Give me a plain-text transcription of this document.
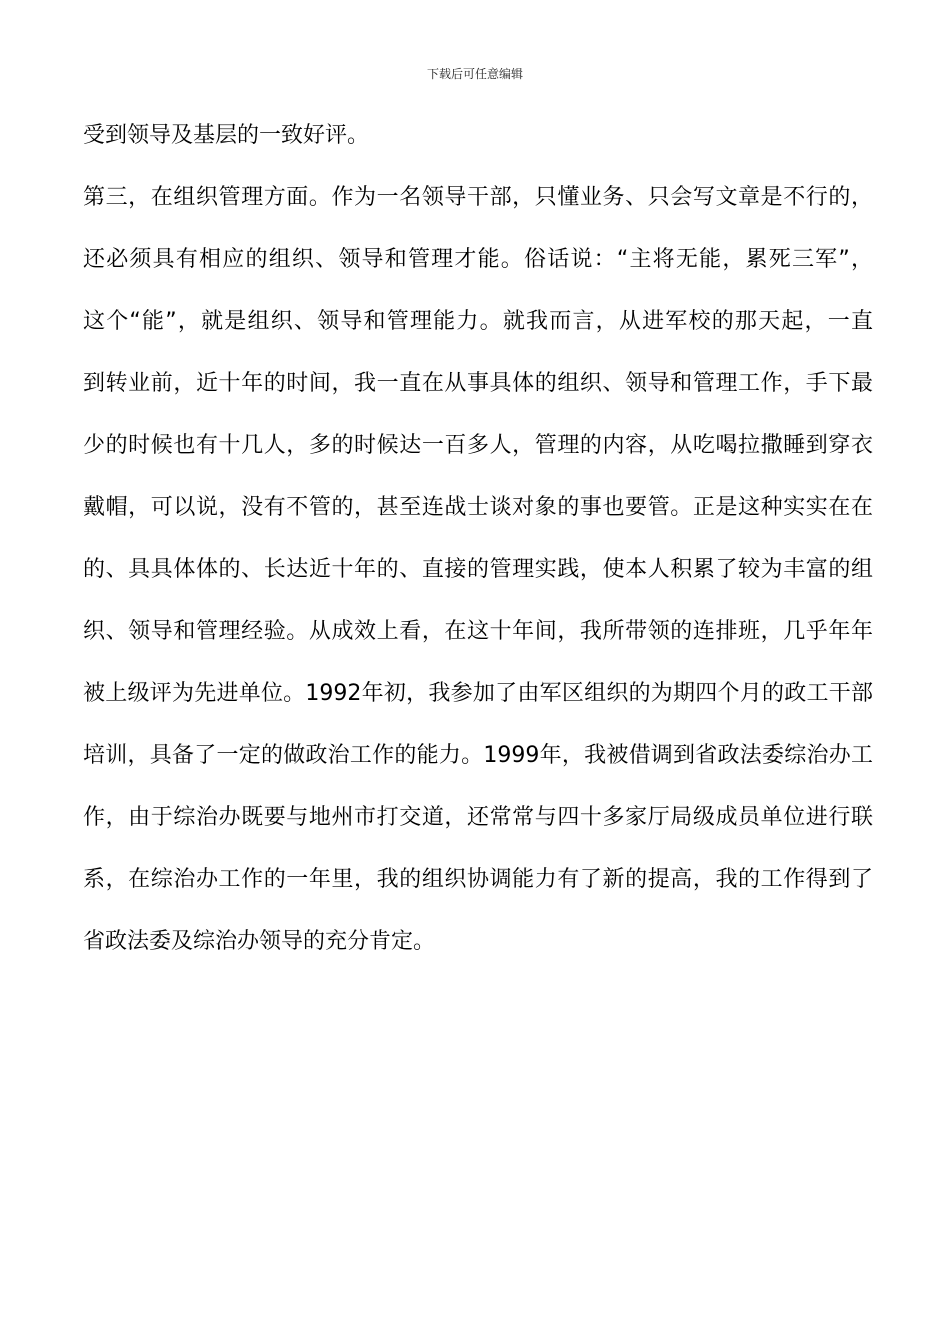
下载后可任意编辑
受到领导及基层的一致好评。
第三，在组织管理方面。作为一名领导干部，只懂业务、只会写文章是不行的，
还必须具有相应的组织、领导和管理才能。俗话说：“主将无能，累死三军”，
这个“能”，就是组织、领导和管理能力。就我而言，从进军校的那天起，一直
到转业前，近十年的时间，我一直在从事具体的组织、领导和管理工作，手下最
少的时候也有十几人，多的时候达一百多人，管理的内容，从吃喝拉撒睡到穿衣
戴帽，可以说，没有不管的，甚至连战士谈对象的事也要管。正是这种实实在在
的、具具体体的、长达近十年的、直接的管理实践，使本人积累了较为丰富的组
织、领导和管理经验。从成效上看，在这十年间，我所带领的连排班，几乎年年
被上级评为先进单位。1992年初，我参加了由军区组织的为期四个月的政工干部
培训，具备了一定的做政治工作的能力。1999年，我被借调到省政法委综治办工
作，由于综治办既要与地州市打交道，还常常与四十多家厅局级成员单位进行联
系，在综治办工作的一年里，我的组织协调能力有了新的提高，我的工作得到了
省政法委及综治办领导的充分肯定。
